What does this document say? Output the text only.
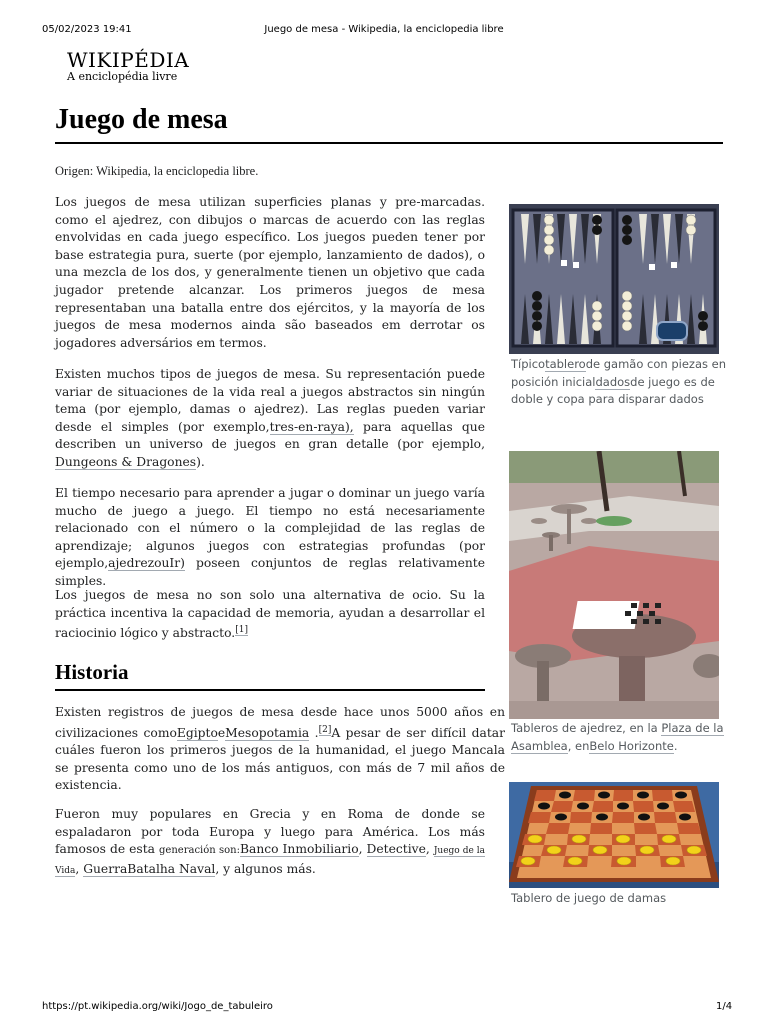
05/02/2023 19:41	Juego de mesa - Wikipedia, la enciclopedia libre
WIKIPÉDIA
A enciclopédia livre
Juego de mesa
Origen: Wikipedia, la enciclopedia libre.
Los juegos de mesa utilizan superficies planas y pre-marcadas. como el ajedrez, con dibujos o marcas de acuerdo con las reglas envolvidas en cada juego específico. Los juegos pueden tener por base estrategia pura, suerte (por ejemplo, lanzamiento de dados), o una mezcla de los dos, y generalmente tienen un objetivo que cada jugador pretende alcanzar. Los primeros juegos de mesa representaban una batalla entre dos ejércitos, y la mayoría de los juegos de mesa modernos ainda são baseados em derrotar os jogadores adversários em termos.
Existen muchos tipos de juegos de mesa. Su representación puede variar de situaciones de la vida real a juegos abstractos sin ningún tema (por ejemplo, damas o ajedrez). Las reglas pueden variar desde el simples (por exemplo,tres-en-raya), para aquellas que describen un universo de juegos en gran detalle (por ejemplo, Dungeons & Dragones).
El tiempo necesario para aprender a jugar o dominar un juego varía mucho de juego a juego. El tiempo no está necesariamente relacionado con el número o la complejidad de las reglas de aprendizaje; algunos juegos con estrategias profundas (por ejemplo,ajedrezouIr) poseen conjuntos de reglas relativamente simples.
Los juegos de mesa no son solo una alternativa de ocio. Su la práctica incentiva la capacidad de memoria, ayudan a desarrollar el raciocinio lógico y abstracto.[1]
Historia
Existen registros de juegos de mesa desde hace unos 5000 años en civilizaciones comoEgiptoeMesopotamia .[2]A pesar de ser difícil datar cuáles fueron los primeros juegos de la humanidad, el juego Mancala se presenta como uno de los más antiguos, con más de 7 mil años de existencia.
Fueron muy populares en Grecia y en Roma de donde se espaladaron por toda Europa y luego para América. Los más famosos de esta generación son:Banco Inmobiliario, Detective, Juego de la Vida, GuerraBatalha Naval, y algunos más.
Típicotablerode gamão con piezas en posición inicialdadosde juego es de doble y copa para disparar dados
Tableros de ajedrez, en la Plaza de la Asamblea, enBelo Horizonte.
Tablero de juego de damas
https://pt.wikipedia.org/wiki/Jogo_de_tabuleiro	1/4
